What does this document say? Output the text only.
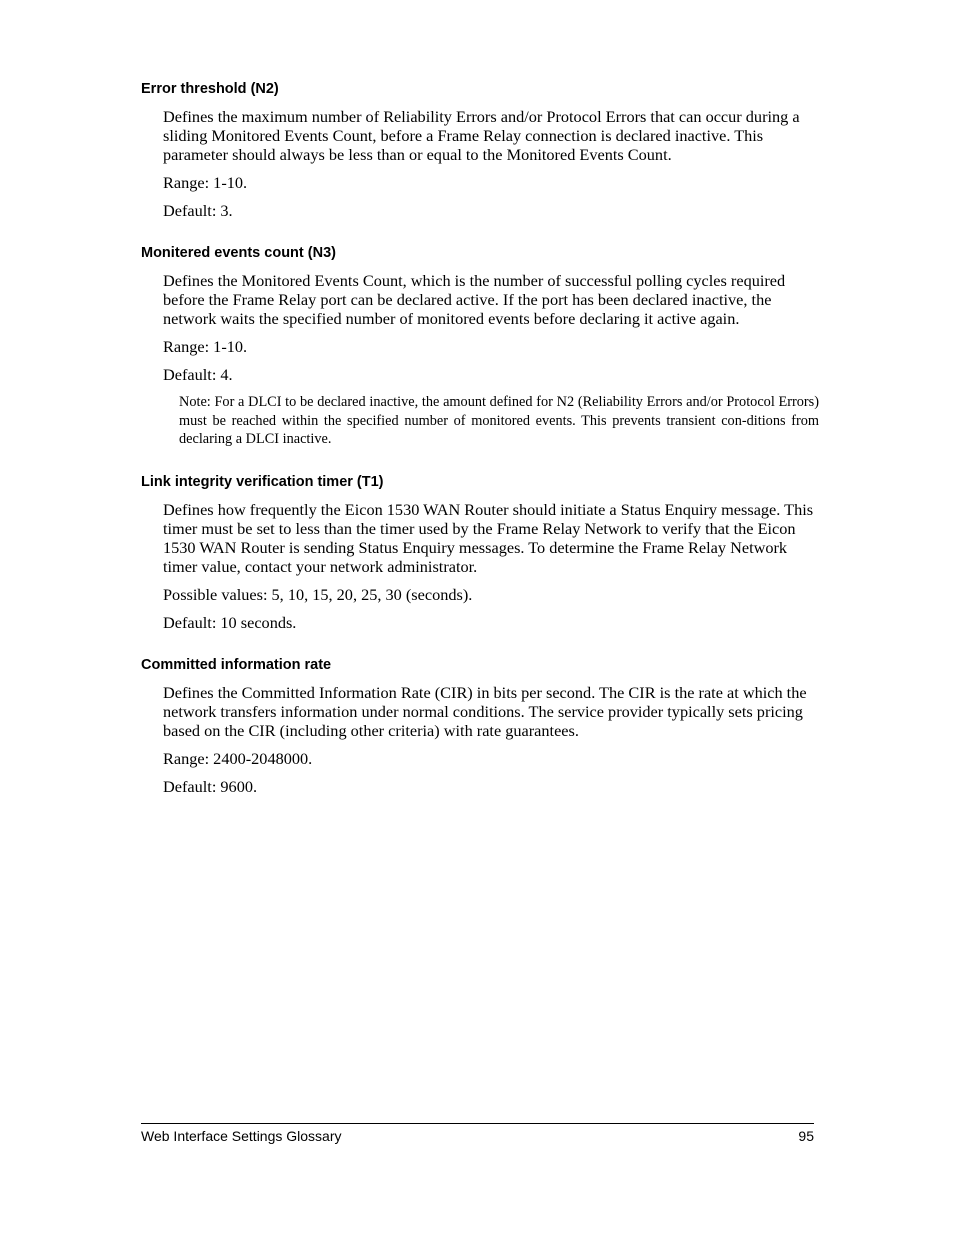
Error threshold (N2)

Defines the maximum number of Reliability Errors and/or Protocol Errors that can occur during a sliding Monitored Events Count, before a Frame Relay connection is declared inactive. This parameter should always be less than or equal to the Monitored Events Count.

Range: 1-10.

Default: 3.

Monitered events count (N3)

Defines the Monitored Events Count, which is the number of successful polling cycles required before the Frame Relay port can be declared active. If the port has been declared inactive, the network waits the specified number of monitored events before declaring it active again.

Range: 1-10.

Default: 4.

Note: For a DLCI to be declared inactive, the amount defined for N2 (Reliability Errors and/or Protocol Errors) must be reached within the specified number of monitored events. This prevents transient con-ditions from declaring a DLCI inactive.

Link integrity verification timer (T1)

Defines how frequently the Eicon 1530 WAN Router should initiate a Status Enquiry message. This timer must be set to less than the timer used by the Frame Relay Network to verify that the Eicon 1530 WAN Router is sending Status Enquiry messages. To determine the Frame Relay Network timer value, contact your network administrator.

Possible values: 5, 10, 15, 20, 25, 30 (seconds).

Default: 10 seconds.

Committed information rate

Defines the Committed Information Rate (CIR) in bits per second. The CIR is the rate at which the network transfers information under normal conditions. The service provider typically sets pricing based on the CIR (including other criteria) with rate guarantees.

Range: 2400-2048000.

Default: 9600.

Web Interface Settings Glossary	95
